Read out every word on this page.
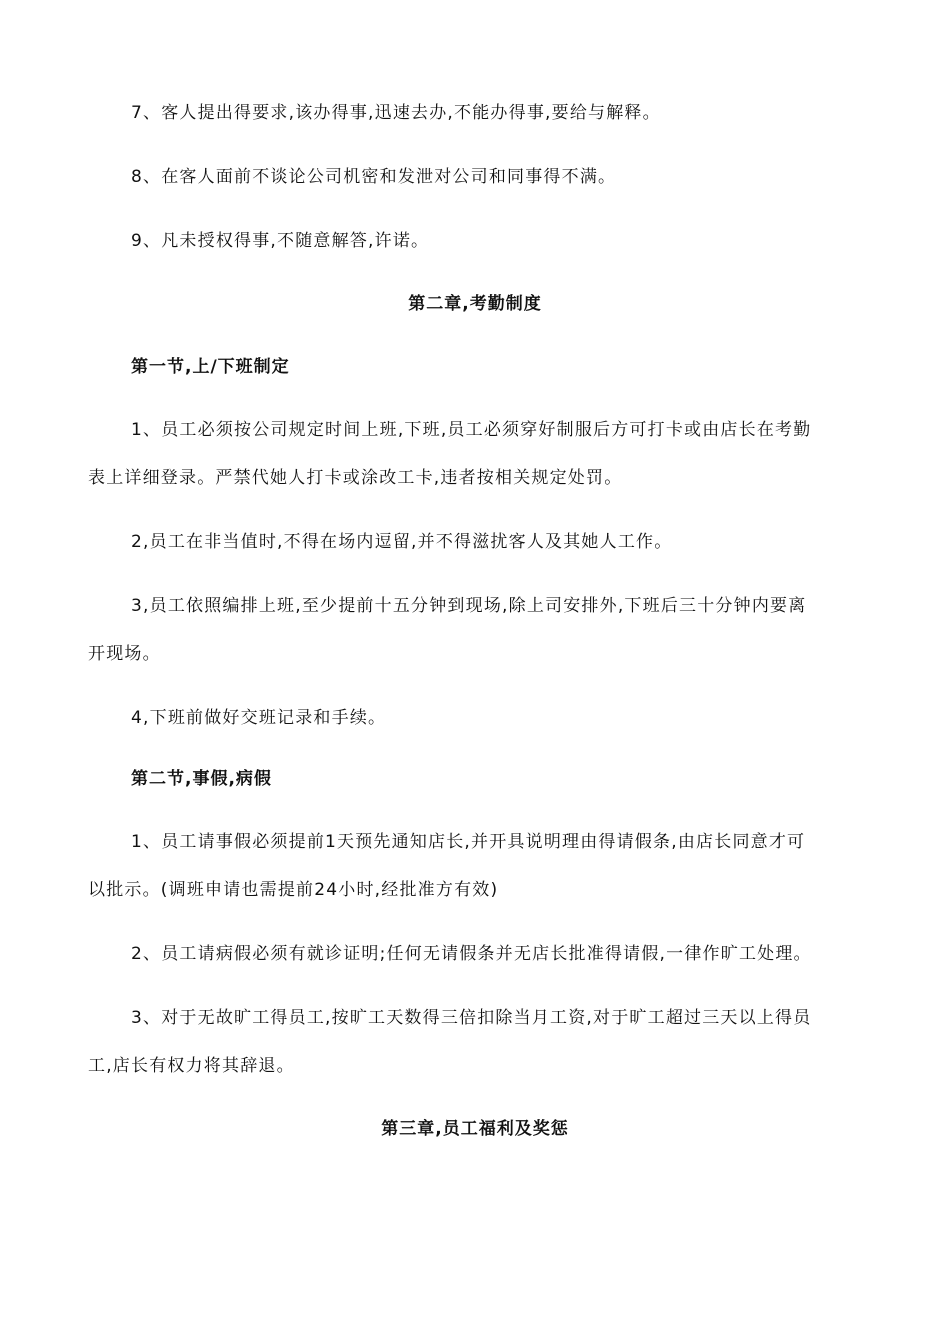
7、客人提出得要求,该办得事,迅速去办,不能办得事,要给与解释。
8、在客人面前不谈论公司机密和发泄对公司和同事得不满。
9、凡未授权得事,不随意解答,许诺。
第二章,考勤制度
第一节,上/下班制定
1、员工必须按公司规定时间上班,下班,员工必须穿好制服后方可打卡或由店长在考勤
表上详细登录。严禁代她人打卡或涂改工卡,违者按相关规定处罚。
2,员工在非当值时,不得在场内逗留,并不得滋扰客人及其她人工作。
3,员工依照编排上班,至少提前十五分钟到现场,除上司安排外,下班后三十分钟内要离
开现场。
4,下班前做好交班记录和手续。
第二节,事假,病假
1、员工请事假必须提前1天预先通知店长,并开具说明理由得请假条,由店长同意才可
以批示。(调班申请也需提前24小时,经批准方有效)
2、员工请病假必须有就诊证明;任何无请假条并无店长批准得请假,一律作旷工处理。
3、对于无故旷工得员工,按旷工天数得三倍扣除当月工资,对于旷工超过三天以上得员
工,店长有权力将其辞退。
第三章,员工福利及奖惩
